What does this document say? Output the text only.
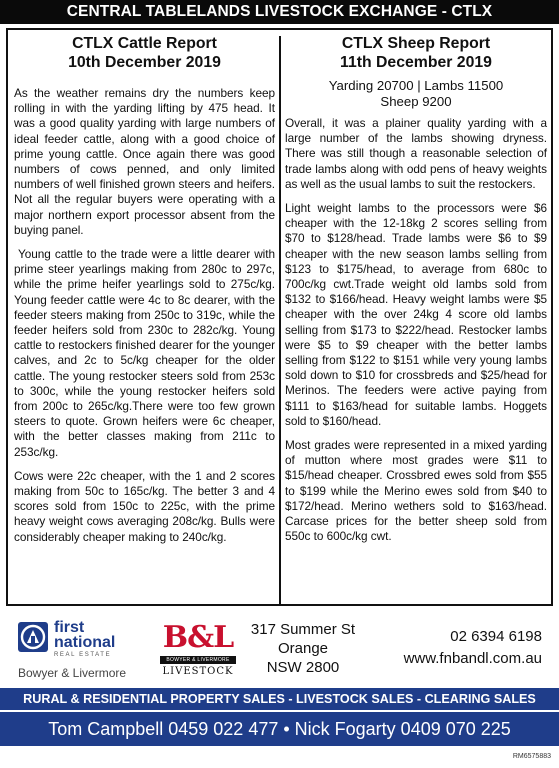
CENTRAL TABLELANDS LIVESTOCK EXCHANGE - CTLX
CTLX Cattle Report
10th December 2019

As the weather remains dry the numbers keep rolling in with the yarding lifting by 475 head. It was a good quality yarding with large numbers of ideal feeder cattle, along with a good choice of prime young cattle. Once again there was good numbers of cows penned, and only limited numbers of well finished grown steers and heifers. Not all the regular buyers were operating with a major northern export processor absent from the buying panel.

Young cattle to the trade were a little dearer with prime steer yearlings making from 280c to 297c, while the prime heifer yearlings sold to 275c/kg. Young feeder cattle were 4c to 8c dearer, with the feeder steers making from 250c to 319c, while the feeder heifers sold from 230c to 282c/kg. Young cattle to restockers finished dearer for the younger calves, and 2c to 5c/kg cheaper for the older cattle. The young restocker steers sold from 253c to 300c, while the young restocker heifers sold from 200c to 265c/kg.There were too few grown steers to quote. Grown heifers were 6c cheaper, with the better classes making from 211c to 253c/kg.

Cows were 22c cheaper, with the 1 and 2 scores making from 50c to 165c/kg. The better 3 and 4 scores sold from 150c to 225c, with the prime heavy weight cows averaging 208c/kg. Bulls were considerably cheaper making to 240c/kg.

CTLX Sheep Report
11th December 2019
Yarding 20700 | Lambs 11500
Sheep 9200

Overall, it was a plainer quality yarding with a large number of the lambs showing dryness. There was still though a reasonable selection of trade lambs along with odd pens of heavy weights as well as the usual lambs to suit the restockers.

Light weight lambs to the processors were $6 cheaper with the 12-18kg 2 scores selling from $70 to $128/head. Trade lambs were $6 to $9 cheaper with the new season lambs selling from $123 to $175/head, to average from 680c to 700c/kg cwt.Trade weight old lambs sold from $132 to $166/head. Heavy weight lambs were $5 cheaper with the over 24kg 4 score old lambs selling from $173 to $222/head. Restocker lambs were $5 to $9 cheaper with the better lambs selling from $122 to $151 while very young lambs sold down to $10 for crossbreds and $25/head for Merinos. The feeders were active paying from $111 to $163/head for suitable lambs. Hoggets sold to $160/head.

Most grades were represented in a mixed yarding of mutton where most grades were $11 to $15/head cheaper. Crossbred ewes sold from $55 to $199 while the Merino ewes sold from $40 to $172/head. Merino wethers sold to $163/head. Carcase prices for the better sheep sold from 550c to 600c/kg cwt.

first
national
REAL ESTATE
Bowyer & Livermore
B&L
BOWYER & LIVERMORE
LIVESTOCK
317 Summer St
Orange
NSW 2800
02 6394 6198
www.fnbandl.com.au
RURAL & RESIDENTIAL PROPERTY SALES - LIVESTOCK SALES - CLEARING SALES
Tom Campbell 0459 022 477 • Nick Fogarty 0409 070 225
RM6575883
